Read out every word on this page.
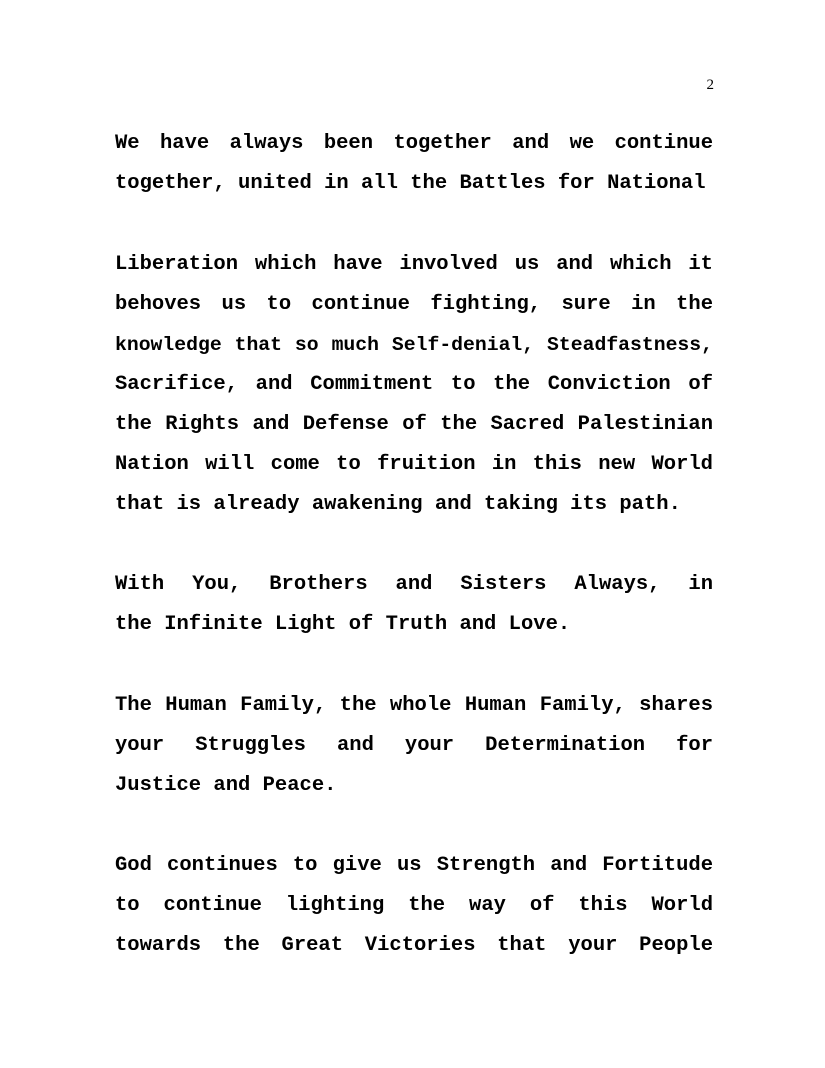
2
We have always been together and we continue
together, united in all the Battles for National
Liberation which have involved us and which it
behoves us to continue fighting, sure in the
knowledge that so much Self-denial, Steadfastness,
Sacrifice, and Commitment to the Conviction of
the Rights and Defense of the Sacred Palestinian
Nation will come to fruition in this new World
that is already awakening and taking its path.
With You, Brothers and Sisters Always, in
the Infinite Light of Truth and Love.
The Human Family, the whole Human Family, shares
your Struggles and your Determination for
Justice and Peace.
God continues to give us Strength and Fortitude
to continue lighting the way of this World
towards the Great Victories that your People
